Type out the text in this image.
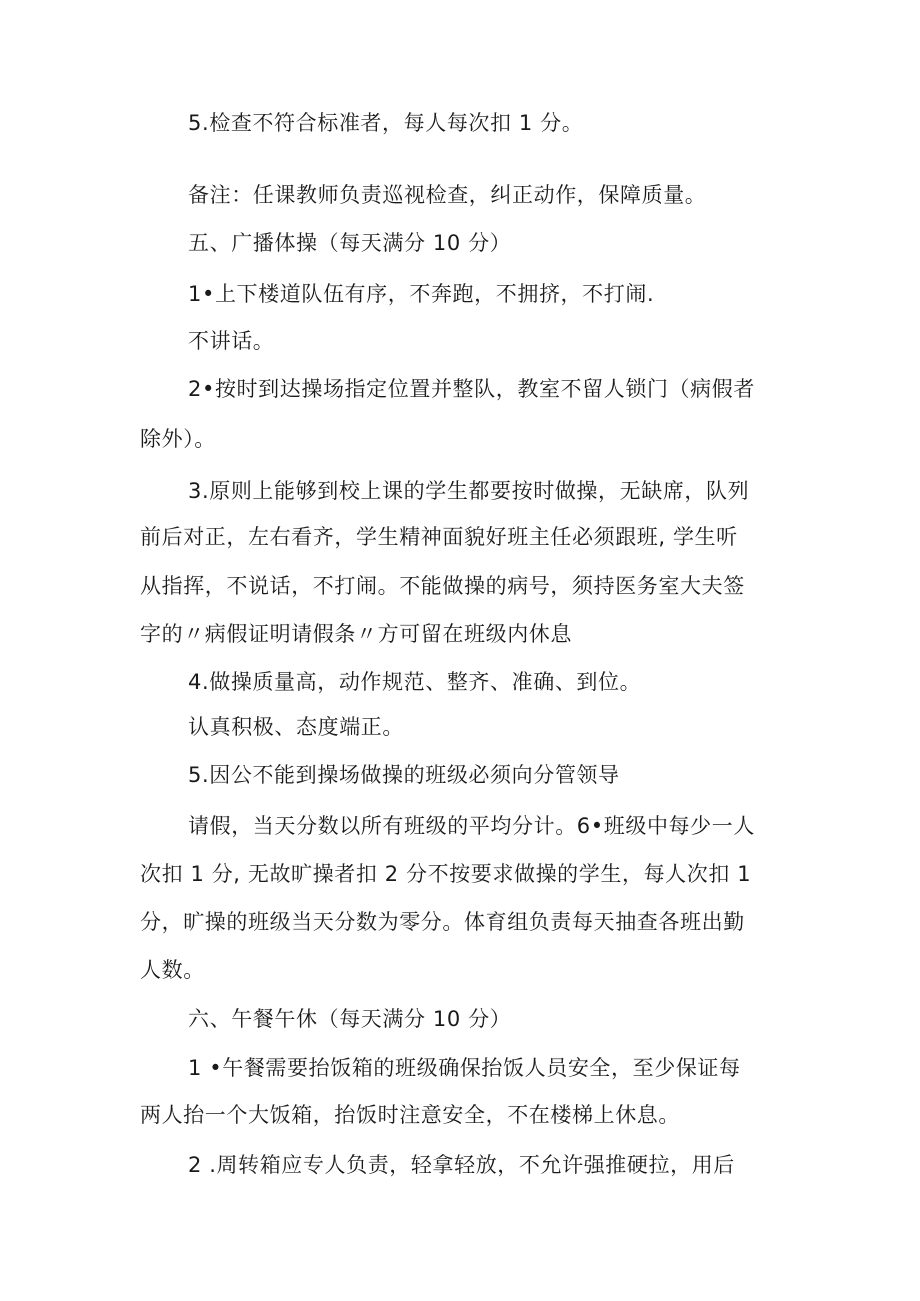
5.检查不符合标准者，每人每次扣 1 分。
备注：任课教师负责巡视检查，纠正动作，保障质量。
五、广播体操（每天满分 10 分）
1•上下楼道队伍有序，不奔跑，不拥挤，不打闹.
不讲话。
2•按时到达操场指定位置并整队，教室不留人锁门（病假者
除外）。
3.原则上能够到校上课的学生都要按时做操，无缺席，队列
前后对正，左右看齐，学生精神面貌好班主任必须跟班, 学生听
从指挥，不说话，不打闹。不能做操的病号，须持医务室大夫签
字的〃病假证明请假条〃方可留在班级内休息
4.做操质量高，动作规范、整齐、准确、到位。
认真积极、态度端正。
5.因公不能到操场做操的班级必须向分管领导
请假，当天分数以所有班级的平均分计。6•班级中每少一人
次扣 1 分, 无故旷操者扣 2 分不按要求做操的学生，每人次扣 1
分，旷操的班级当天分数为零分。体育组负责每天抽查各班出勤
人数。
六、午餐午休（每天满分 10 分）
1 •午餐需要抬饭箱的班级确保抬饭人员安全，至少保证每
两人抬一个大饭箱，抬饭时注意安全，不在楼梯上休息。
2 .周转箱应专人负责，轻拿轻放，不允许强推硬拉，用后
